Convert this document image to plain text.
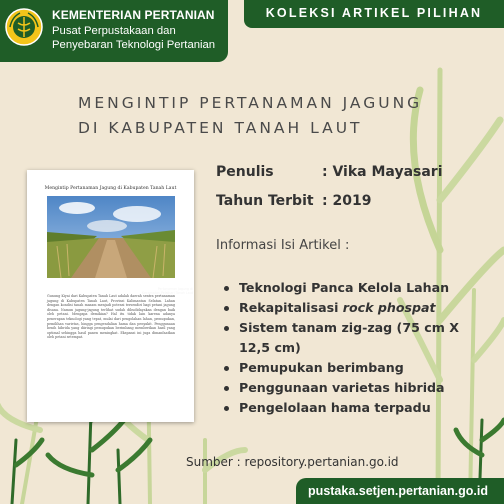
KEMENTERIAN PERTANIAN
Pusat Perpustakaan dan Penyebaran Teknologi Pertanian
KOLEKSI ARTIKEL PILIHAN
MENGINTIP PERTANAMAN JAGUNG
DI KABUPATEN TANAH LAUT
Mengintip Pertanaman Jagung di Kabupaten Tanah Laut
Pertanaman Jagung di Kecamatan Pelaihari Tanah Laut
Gunung Kiyai dari Kabupaten Tanah Laut adalah daerah sentra pertanaman jagung di Kabupaten Tanah Laut, Provinsi Kalimantan Selatan. Lahan dengan kondisi tanah masam menjadi potensi tersendiri bagi petani jagung disana. Namun jagung-jagung terlihat sudah dibudidayakan dengan baik oleh petani. Mengapa demikian? Hal itu tidak lain karena adanya penerapan teknologi yang tepat, mulai dari pengolahan lahan, pemupukan, pemilihan varietas, hingga pengendalian hama dan penyakit. Penggunaan benih hibrida yang diiringi pemupukan berimbang memberikan hasil yang optimal sehingga hasil panen meningkat. Ekspansi ini juga dimanfaatkan oleh petani setempat.
Penulis	: Vika Mayasari
Tahun Terbit : 2019
Informasi Isi Artikel :
Teknologi Panca Kelola Lahan
Rekapitalisasi rock phospat
Sistem tanam zig-zag (75 cm X 12,5 cm)
Pemupukan berimbang
Penggunaan varietas hibrida
Pengelolaan hama terpadu
Sumber : repository.pertanian.go.id
pustaka.setjen.pertanian.go.id
